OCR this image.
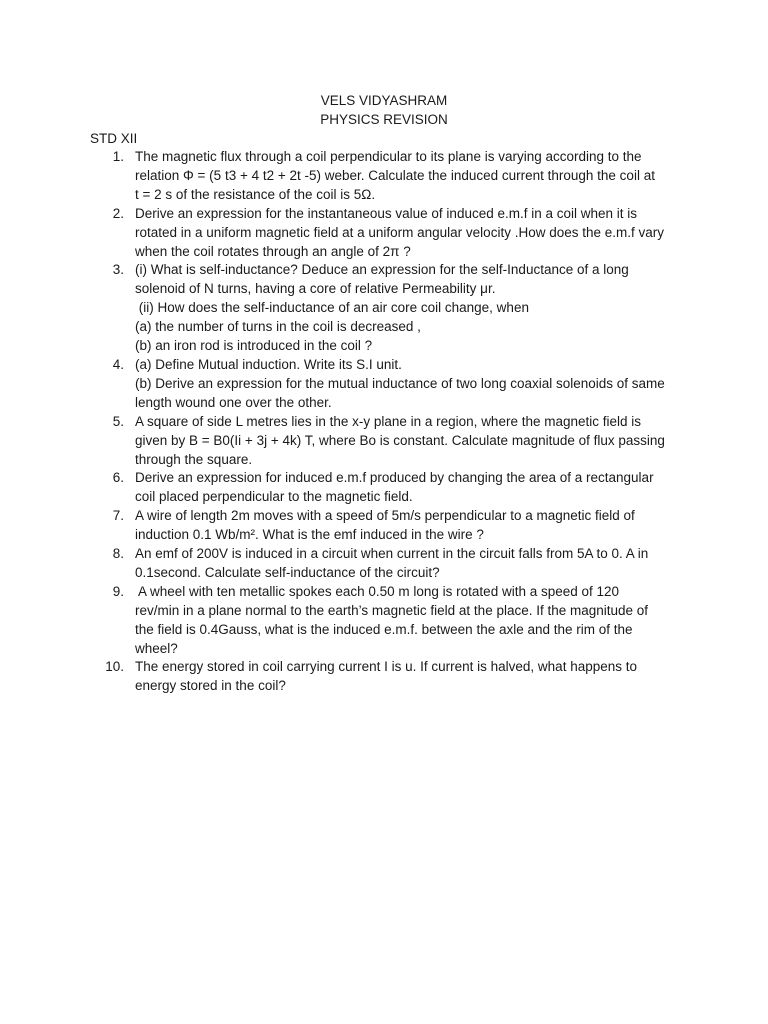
VELS VIDYASHRAM
PHYSICS REVISION
STD XII
1. The magnetic flux through a coil perpendicular to its plane is varying according to the
relation Φ = (5 t3 + 4 t2 + 2t -5) weber. Calculate the induced current through the coil at
t = 2 s of the resistance of the coil is 5Ω.
2. Derive an expression for the instantaneous value of induced e.m.f in a coil when it is
rotated in a uniform magnetic field at a uniform angular velocity .How does the e.m.f vary
when the coil rotates through an angle of 2π ?
3. (i) What is self-inductance? Deduce an expression for the self-Inductance of a long
solenoid of N turns, having a core of relative Permeability μr.
(ii) How does the self-inductance of an air core coil change, when
(a) the number of turns in the coil is decreased ,
(b) an iron rod is introduced in the coil ?
4. (a) Define Mutual induction. Write its S.I unit.
(b) Derive an expression for the mutual inductance of two long coaxial solenoids of same
length wound one over the other.
5. A square of side L metres lies in the x-y plane in a region, where the magnetic field is
given by B = B0(Ii + 3j + 4k) T, where Bo is constant. Calculate magnitude of flux passing
through the square.
6. Derive an expression for induced e.m.f produced by changing the area of a rectangular
coil placed perpendicular to the magnetic field.
7. A wire of length 2m moves with a speed of 5m/s perpendicular to a magnetic field of
induction 0.1 Wb/m². What is the emf induced in the wire ?
8. An emf of 200V is induced in a circuit when current in the circuit falls from 5A to 0. A in
0.1second. Calculate self-inductance of the circuit?
9. A wheel with ten metallic spokes each 0.50 m long is rotated with a speed of 120
rev/min in a plane normal to the earth’s magnetic field at the place. If the magnitude of
the field is 0.4Gauss, what is the induced e.m.f. between the axle and the rim of the
wheel?
10. The energy stored in coil carrying current I is u. If current is halved, what happens to
energy stored in the coil?
